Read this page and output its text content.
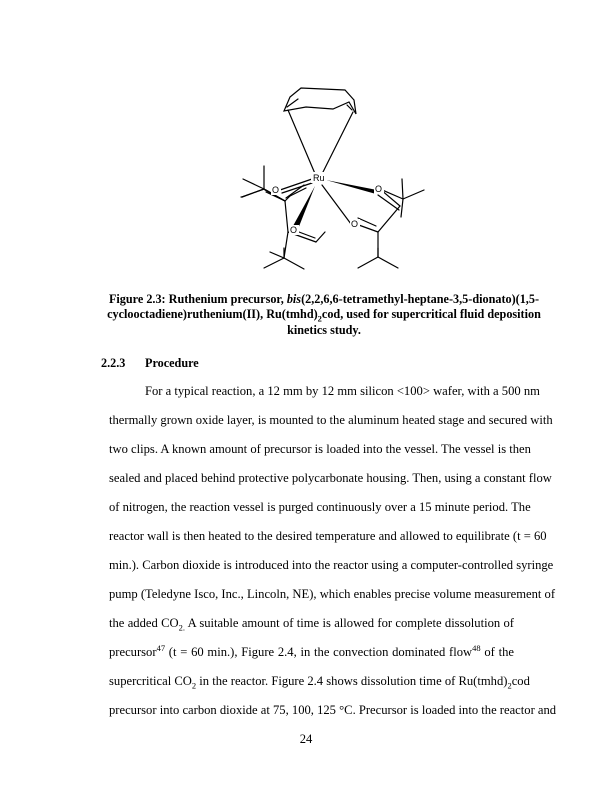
Ru
O	O
O
O
Figure 2.3: Ruthenium precursor, bis(2,2,6,6-tetramethyl-heptane-3,5-dionato)(1,5-
cyclooctadiene)ruthenium(II), $Ru(tmhd)_2cod$, used for supercritical fluid deposition
kinetics study.
2.2.3 Procedure
For a typical reaction, a 12 mm by 12 mm silicon <100> wafer, with a 500 nm
thermally grown oxide layer, is mounted to the aluminum heated stage and secured with
two clips. A known amount of precursor is loaded into the vessel. The vessel is then
sealed and placed behind protective polycarbonate housing. Then, using a constant flow
of nitrogen, the reaction vessel is purged continuously over a 15 minute period. The
reactor wall is then heated to the desired temperature and allowed to equilibrate (t = 60
min.). Carbon dioxide is introduced into the reactor using a computer-controlled syringe
pump (Teledyne Isco, Inc., Lincoln, NE), which enables precise volume measurement of
the added $CO_{2.}$ A suitable amount of time is allowed for complete dissolution of
precursor$^{47}$ (t = 60 min.), Figure 2.4, in the convection dominated flow$^{48}$ of the
supercritical $CO_2$ in the reactor. Figure 2.4 shows dissolution time of $Ru(tmhd)_2cod$
precursor into carbon dioxide at 75, 100, 125 °C. Precursor is loaded into the reactor and
24
